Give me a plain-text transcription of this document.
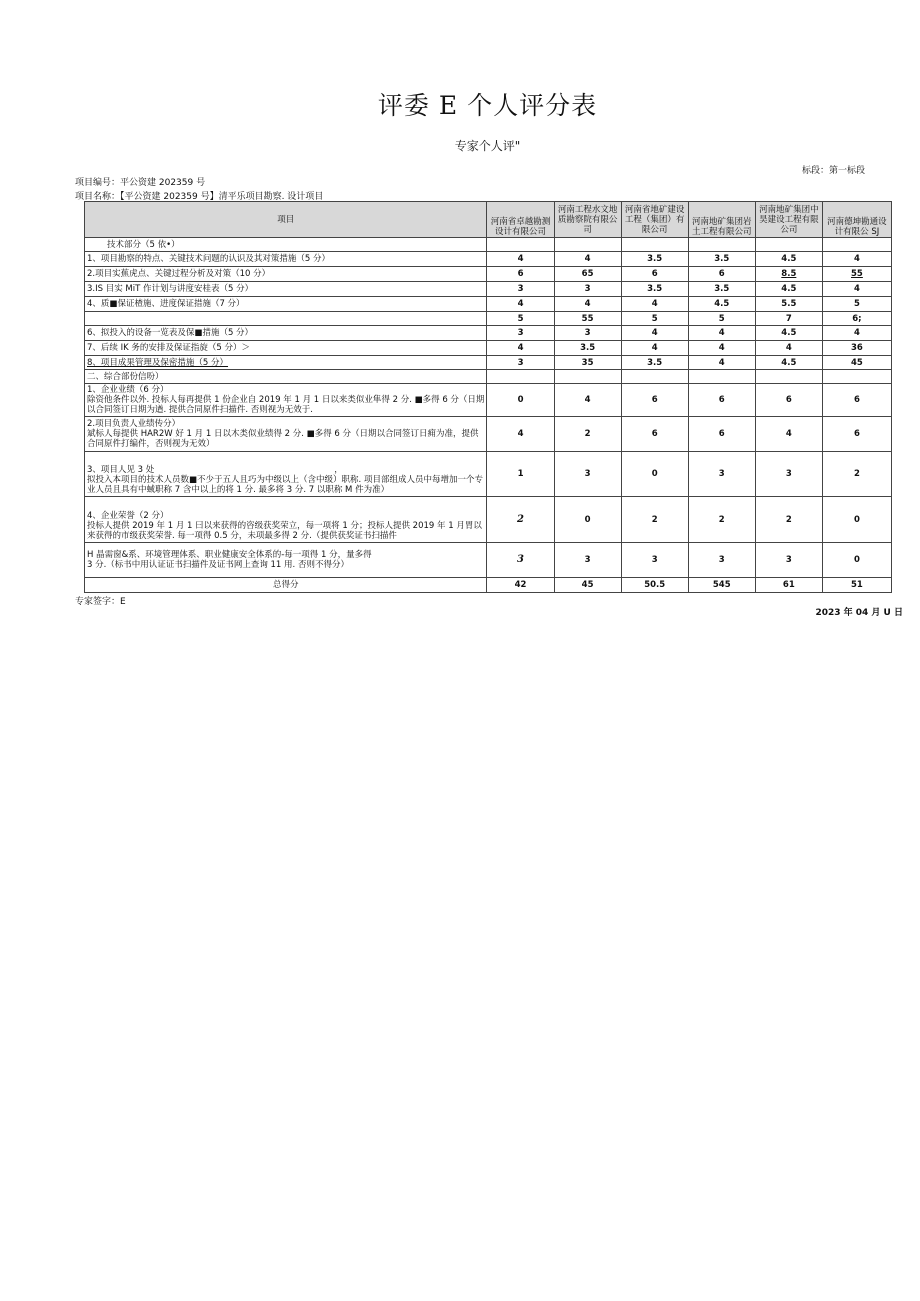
评委 E 个人评分表
专家个人评"
标段：第一标段
项目编号：平公资建 202359 号
项目名称：【平公资建 202359 号】清平乐项目勘察. 设计项目
项目	河南省卓越勘测设计有限公司	河南工程水文地质勘察院有限公司	河南省地矿建设工程（集团）有限公司	河南地矿集团岩土工程有限公司	河南地矿集团中昊建设工程有限公司	河南德坤勘通设计有限公 SJ
技术部分（5 依•）						
1、项目勘察的特点、关键技术问题的认识及其对策措施（5 分）	4	4	3.5	3.5	4.5	4
2.项目实蕉虎点、关键过程分析及对策（10 分）	6	65	6	6	8.5	55
3.IS 目实 MiT 作计划与讲度安桂表（5 分）	3	3	3.5	3.5	4.5	4
4、质■保证楂施、进度保证措施（7 分）	4	4	4	4.5	5.5	5
	5	55	5	5	7	6;
6、拟投入的设备一览表及保■措施（5 分）	3	3	4	4	4.5	4
7、后续 IK 务的安排及保证指旋（5 分）＞	4	3.5	4	4	4	36
8、项目成果管理及保密措施（5 分）	3	35	3.5	4	4.5	45
二、综合部份信吩）						

1、企业业绩（6 分）
除资他条件以外. 投标人每再提供 1 份企业自 2019 年 1 月 1 日以来类似业隼得 2 分. ■多得 6 分（日期以合同签订日期为遒. 提供合同原件扫描件. 否则视为无效于.	0	4	6	6	6	6

2.项目负责人业绩传分）
斌标人每提供 HAR2W 好 1 月 1 日以木类似业绩得 2 分. ■多得 6 分（日期以合同签订日痈为准，提供合同原件打编件，否则视为无效）	4	2	6	6	4	6

3、项目人见 3 处 ，
拟投入本项目的技术人员数■不少于五人且巧为中级以上（含中级）职称. 项目部组成人员中每增加一个专业人员且具有中蜮职称 7 含中以上的将 1 分. 最多将 3 分. 7 以职称 M 件为准）	1	3	0	3	3	2

4、企业荣誉（2 分）
投标人提供 2019 年 1 月 1 曰以来获得的咨级获奖荣立，每一项将 1 分；投标人提供 2019 年 1 月胃以来获得的市级获奖荣誉. 每一项得 0.5 分，未项最多得 2 分.（提供获奖证书扫描件	2	0	2	2	2	0

H 晶需窗&系、环境管理体系、职业健康安全体系的-每一项得 1 分，量多得
3 分.（标书中用认证证书扫描件及证书网上查询 11 用. 否则不得分）	3	3	3	3	3	0
总得分	42	45	50.5	545	61	51
专家签字：E
2023 年 04 月 U 日
